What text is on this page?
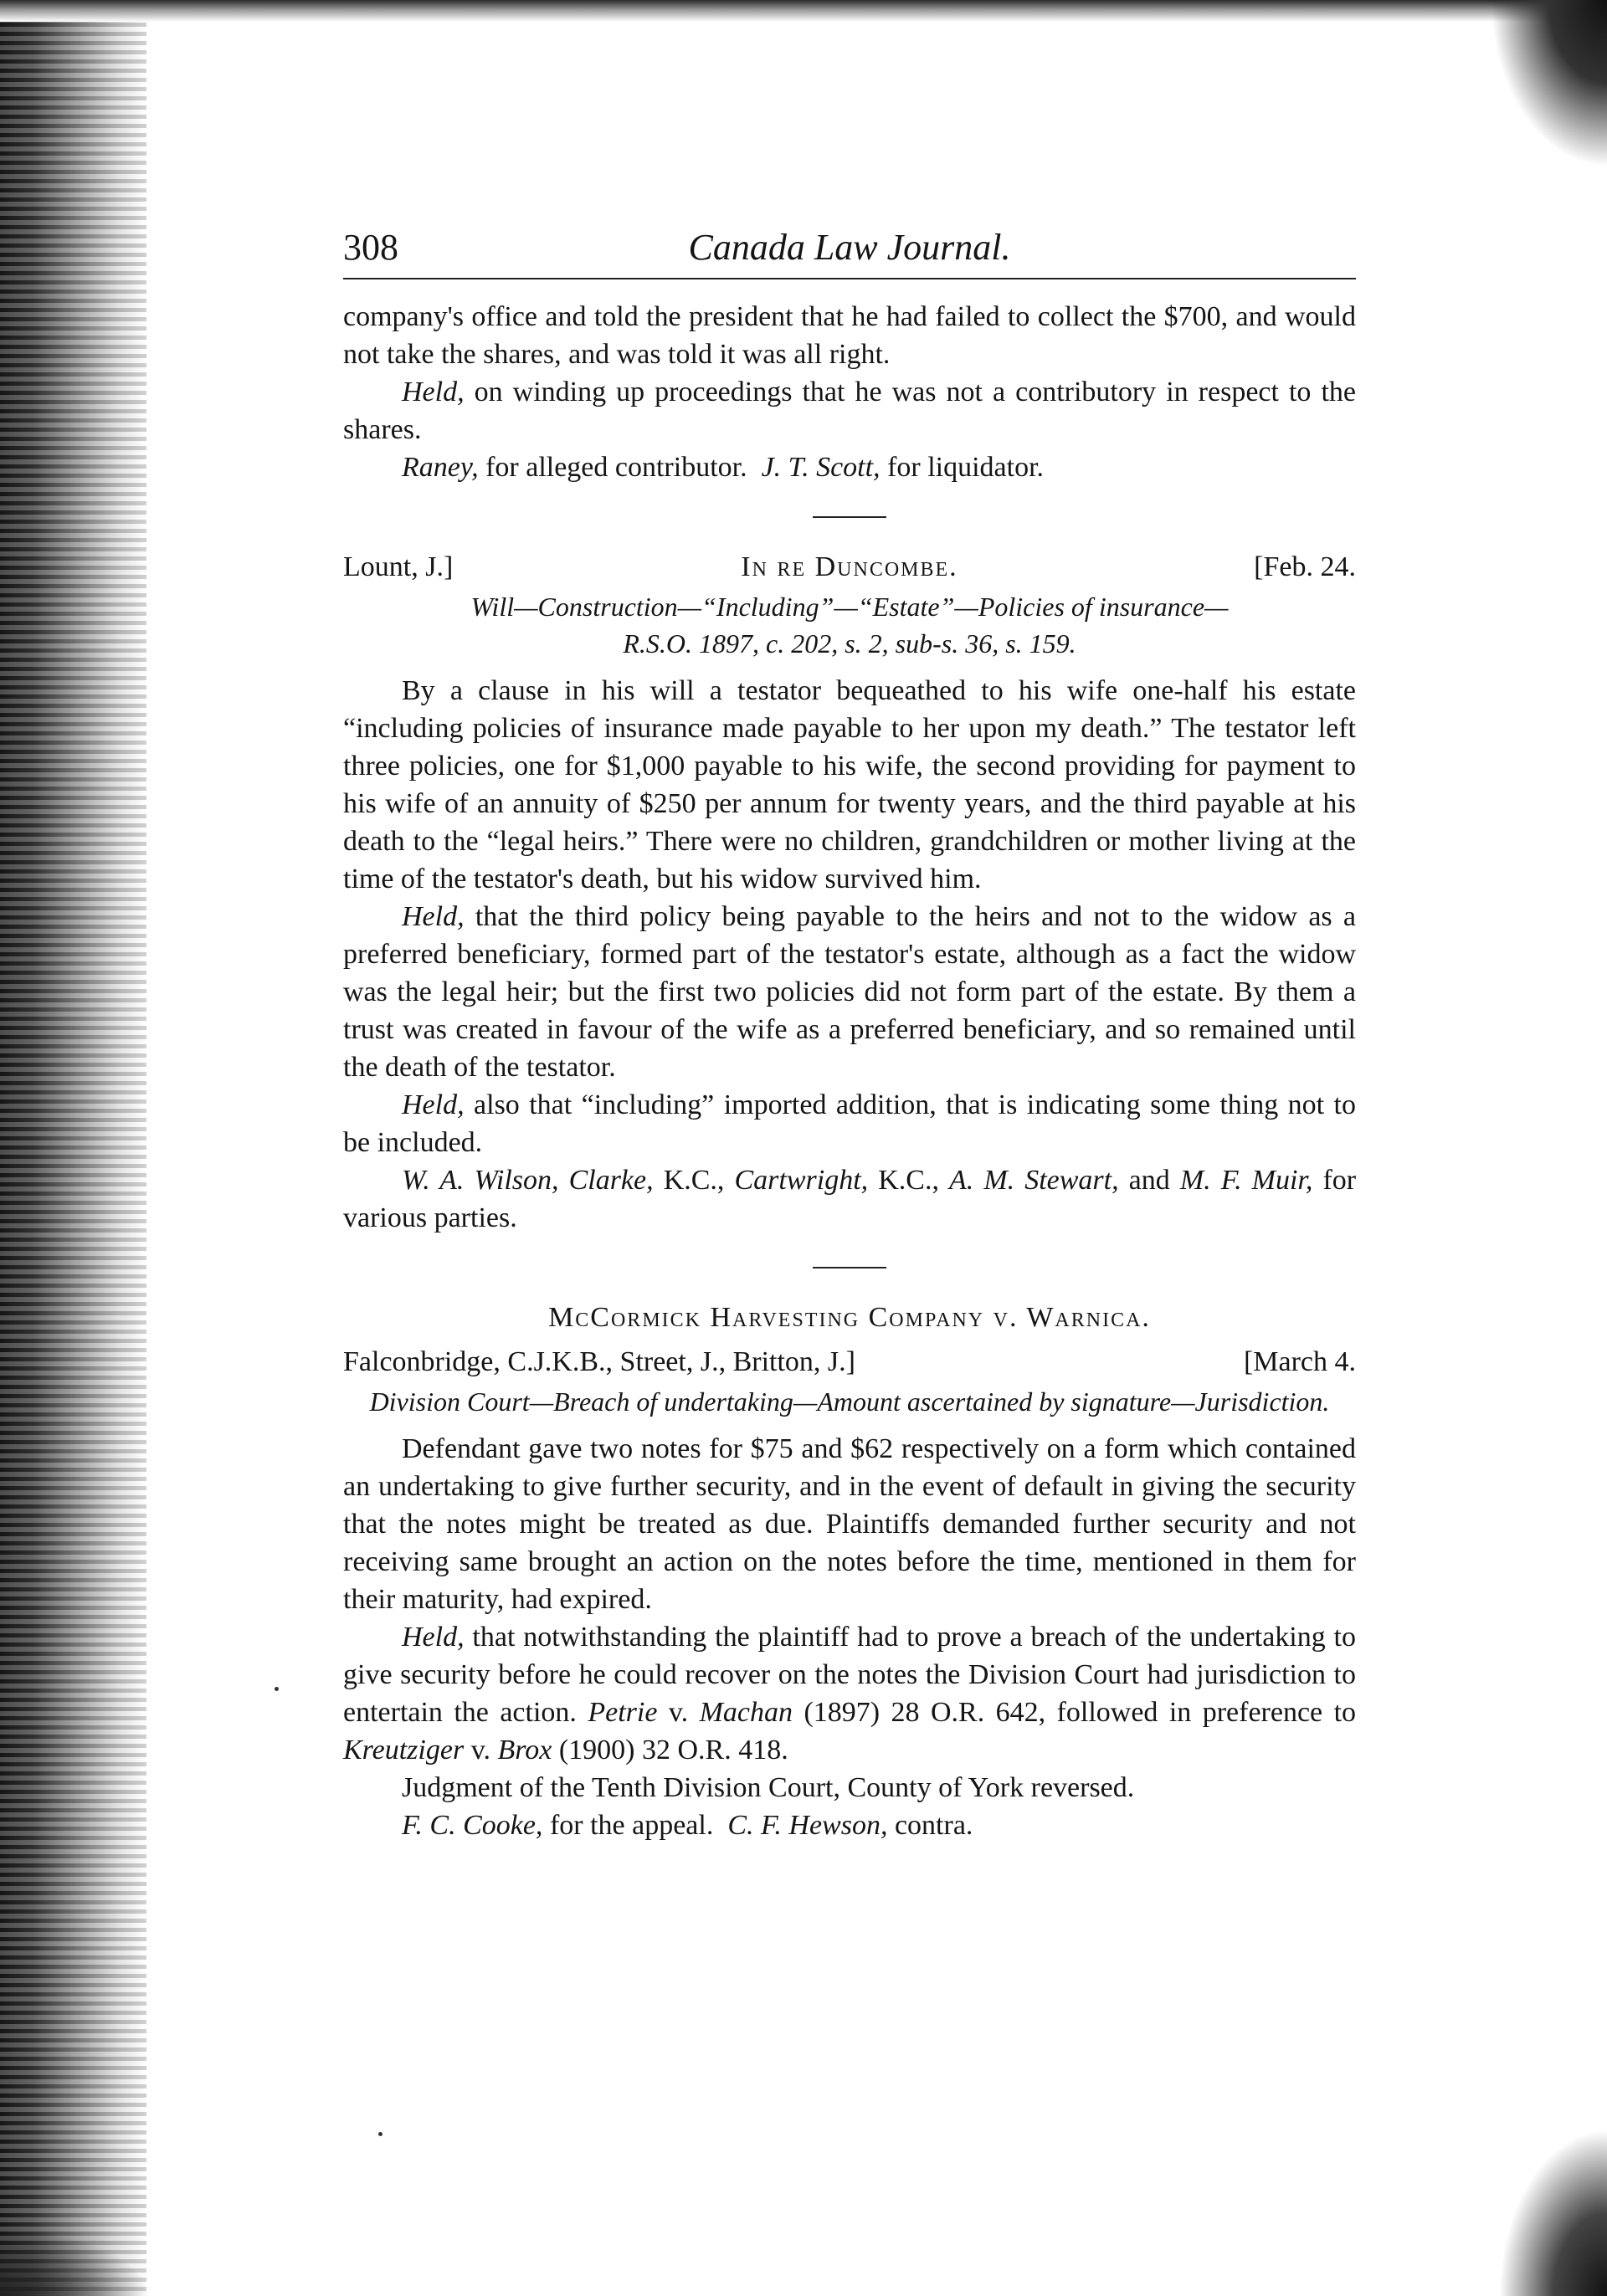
308	Canada Law Journal.

company's office and told the president that he had failed to collect the $700, and would not take the shares, and was told it was all right.

Held, on winding up proceedings that he was not a contributory in respect to the shares.

Raney, for alleged contributor. J. T. Scott, for liquidator.

Lount, J.]	In re Duncombe.	[Feb. 24.
Will—Construction—“Including”—“Estate”—Policies of insurance—
R.S.O. 1897, c. 202, s. 2, sub-s. 36, s. 159.

By a clause in his will a testator bequeathed to his wife one-half his estate “including policies of insurance made payable to her upon my death.” The testator left three policies, one for $1,000 payable to his wife, the second providing for payment to his wife of an annuity of $250 per annum for twenty years, and the third payable at his death to the “legal heirs.” There were no children, grandchildren or mother living at the time of the testator's death, but his widow survived him.

Held, that the third policy being payable to the heirs and not to the widow as a preferred beneficiary, formed part of the testator's estate, although as a fact the widow was the legal heir; but the first two policies did not form part of the estate. By them a trust was created in favour of the wife as a preferred beneficiary, and so remained until the death of the testator.

Held, also that “including” imported addition, that is indicating some thing not to be included.

W. A. Wilson, Clarke, K.C., Cartwright, K.C., A. M. Stewart, and M. F. Muir, for various parties.

McCormick Harvesting Company v. Warnica.
Falconbridge, C.J.K.B., Street, J., Britton, J.]	[March 4.
Division Court—Breach of undertaking—Amount ascertained by signature—Jurisdiction.

Defendant gave two notes for $75 and $62 respectively on a form which contained an undertaking to give further security, and in the event of default in giving the security that the notes might be treated as due. Plaintiffs demanded further security and not receiving same brought an action on the notes before the time, mentioned in them for their maturity, had expired.

Held, that notwithstanding the plaintiff had to prove a breach of the undertaking to give security before he could recover on the notes the Division Court had jurisdiction to entertain the action. Petrie v. Machan (1897) 28 O.R. 642, followed in preference to Kreutziger v. Brox (1900) 32 O.R. 418.

Judgment of the Tenth Division Court, County of York reversed.

F. C. Cooke, for the appeal. C. F. Hewson, contra.
